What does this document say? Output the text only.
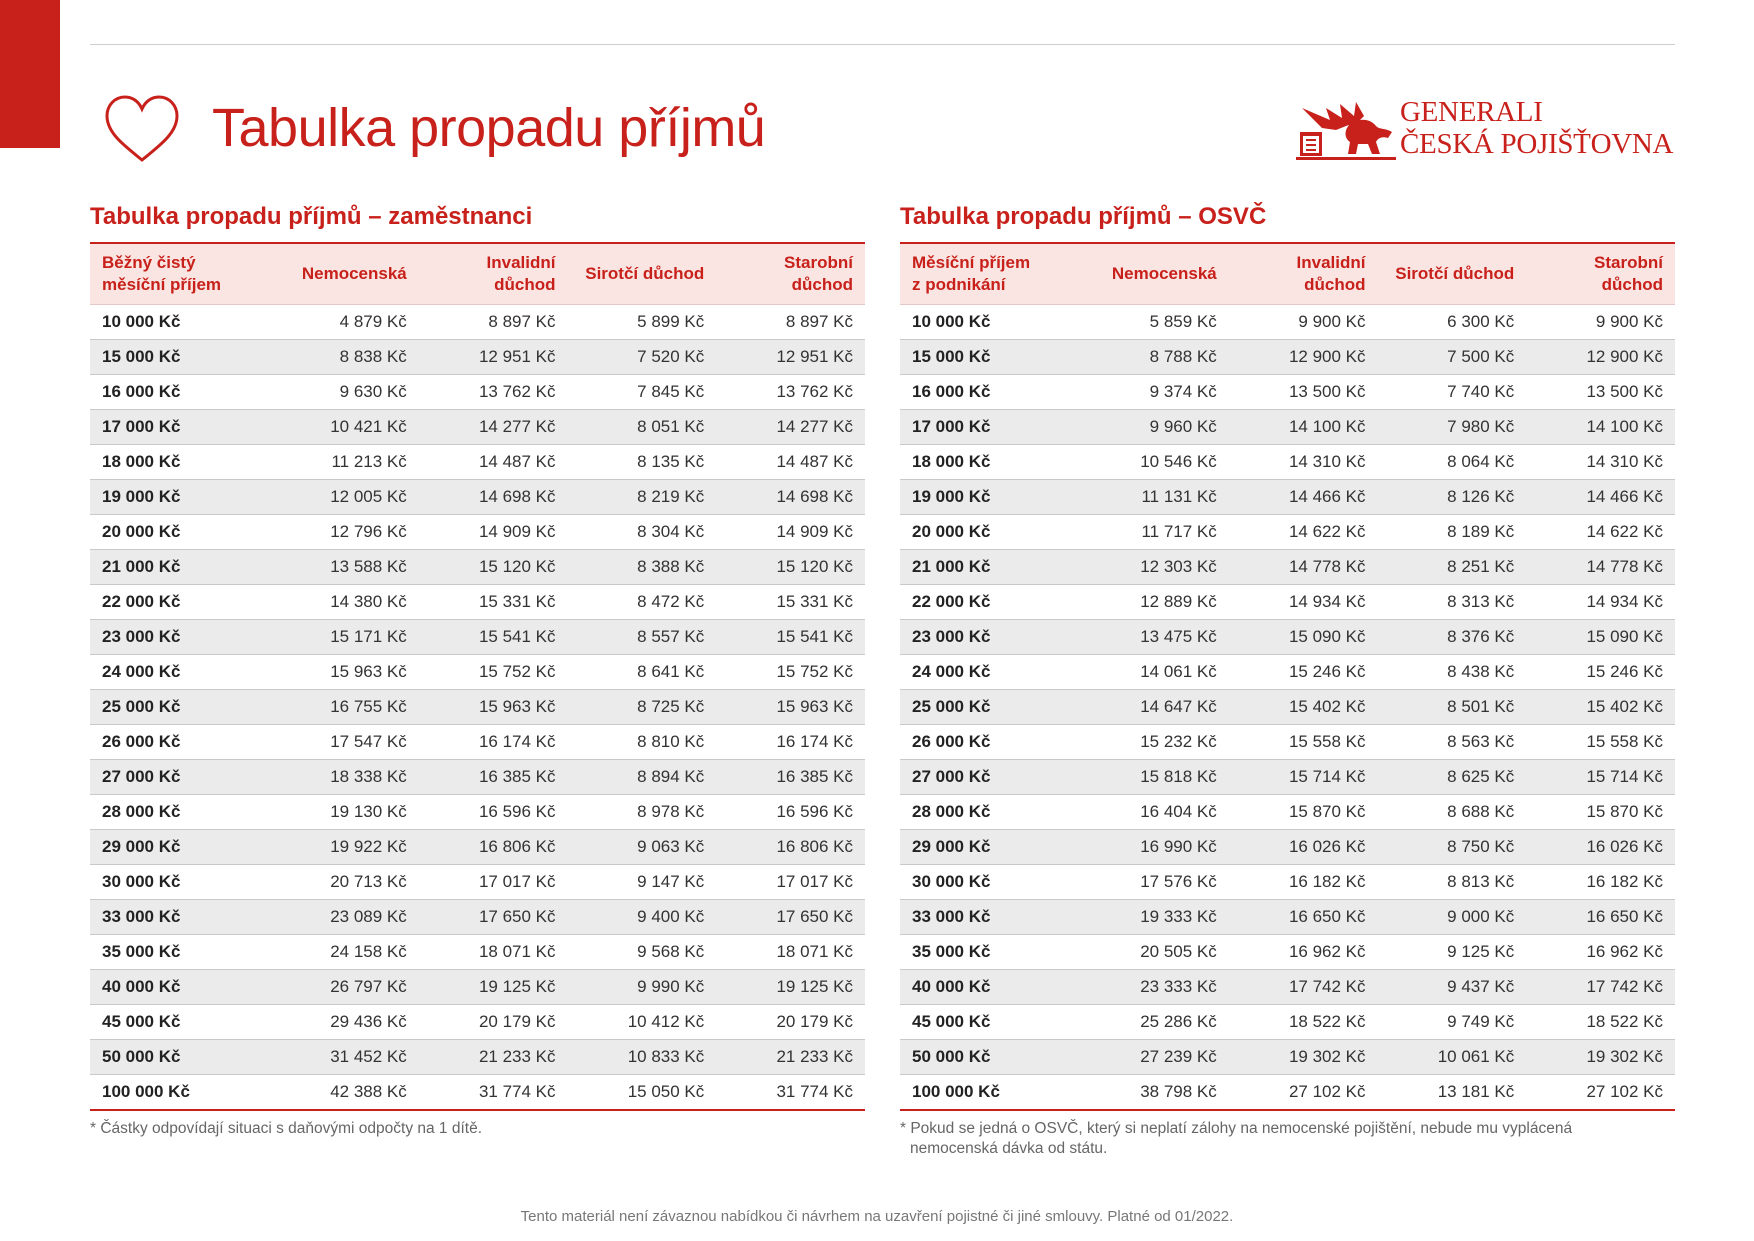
Tabulka propadu příjmů	GENERALI
ČESKÁ POJIŠŤOVNA
Tabulka propadu příjmů – zaměstnanci
Běžný čistý
měsíční příjem	Nemocenská	Invalidní důchod	Sirotčí důchod	Starobní důchod
10 000 Kč	4 879 Kč	8 897 Kč	5 899 Kč	8 897 Kč
15 000 Kč	8 838 Kč	12 951 Kč	7 520 Kč	12 951 Kč
16 000 Kč	9 630 Kč	13 762 Kč	7 845 Kč	13 762 Kč
17 000 Kč	10 421 Kč	14 277 Kč	8 051 Kč	14 277 Kč
18 000 Kč	11 213 Kč	14 487 Kč	8 135 Kč	14 487 Kč
19 000 Kč	12 005 Kč	14 698 Kč	8 219 Kč	14 698 Kč
20 000 Kč	12 796 Kč	14 909 Kč	8 304 Kč	14 909 Kč
21 000 Kč	13 588 Kč	15 120 Kč	8 388 Kč	15 120 Kč
22 000 Kč	14 380 Kč	15 331 Kč	8 472 Kč	15 331 Kč
23 000 Kč	15 171 Kč	15 541 Kč	8 557 Kč	15 541 Kč
24 000 Kč	15 963 Kč	15 752 Kč	8 641 Kč	15 752 Kč
25 000 Kč	16 755 Kč	15 963 Kč	8 725 Kč	15 963 Kč
26 000 Kč	17 547 Kč	16 174 Kč	8 810 Kč	16 174 Kč
27 000 Kč	18 338 Kč	16 385 Kč	8 894 Kč	16 385 Kč
28 000 Kč	19 130 Kč	16 596 Kč	8 978 Kč	16 596 Kč
29 000 Kč	19 922 Kč	16 806 Kč	9 063 Kč	16 806 Kč
30 000 Kč	20 713 Kč	17 017 Kč	9 147 Kč	17 017 Kč
33 000 Kč	23 089 Kč	17 650 Kč	9 400 Kč	17 650 Kč
35 000 Kč	24 158 Kč	18 071 Kč	9 568 Kč	18 071 Kč
40 000 Kč	26 797 Kč	19 125 Kč	9 990 Kč	19 125 Kč
45 000 Kč	29 436 Kč	20 179 Kč	10 412 Kč	20 179 Kč
50 000 Kč	31 452 Kč	21 233 Kč	10 833 Kč	21 233 Kč
100 000 Kč	42 388 Kč	31 774 Kč	15 050 Kč	31 774 Kč
* Částky odpovídají situaci s daňovými odpočty na 1 dítě.
Tabulka propadu příjmů – OSVČ
Měsíční příjem
z podnikání	Nemocenská	Invalidní důchod	Sirotčí důchod	Starobní důchod
10 000 Kč	5 859 Kč	9 900 Kč	6 300 Kč	9 900 Kč
15 000 Kč	8 788 Kč	12 900 Kč	7 500 Kč	12 900 Kč
16 000 Kč	9 374 Kč	13 500 Kč	7 740 Kč	13 500 Kč
17 000 Kč	9 960 Kč	14 100 Kč	7 980 Kč	14 100 Kč
18 000 Kč	10 546 Kč	14 310 Kč	8 064 Kč	14 310 Kč
19 000 Kč	11 131 Kč	14 466 Kč	8 126 Kč	14 466 Kč
20 000 Kč	11 717 Kč	14 622 Kč	8 189 Kč	14 622 Kč
21 000 Kč	12 303 Kč	14 778 Kč	8 251 Kč	14 778 Kč
22 000 Kč	12 889 Kč	14 934 Kč	8 313 Kč	14 934 Kč
23 000 Kč	13 475 Kč	15 090 Kč	8 376 Kč	15 090 Kč
24 000 Kč	14 061 Kč	15 246 Kč	8 438 Kč	15 246 Kč
25 000 Kč	14 647 Kč	15 402 Kč	8 501 Kč	15 402 Kč
26 000 Kč	15 232 Kč	15 558 Kč	8 563 Kč	15 558 Kč
27 000 Kč	15 818 Kč	15 714 Kč	8 625 Kč	15 714 Kč
28 000 Kč	16 404 Kč	15 870 Kč	8 688 Kč	15 870 Kč
29 000 Kč	16 990 Kč	16 026 Kč	8 750 Kč	16 026 Kč
30 000 Kč	17 576 Kč	16 182 Kč	8 813 Kč	16 182 Kč
33 000 Kč	19 333 Kč	16 650 Kč	9 000 Kč	16 650 Kč
35 000 Kč	20 505 Kč	16 962 Kč	9 125 Kč	16 962 Kč
40 000 Kč	23 333 Kč	17 742 Kč	9 437 Kč	17 742 Kč
45 000 Kč	25 286 Kč	18 522 Kč	9 749 Kč	18 522 Kč
50 000 Kč	27 239 Kč	19 302 Kč	10 061 Kč	19 302 Kč
100 000 Kč	38 798 Kč	27 102 Kč	13 181 Kč	27 102 Kč
* Pokud se jedná o OSVČ, který si neplatí zálohy na nemocenské pojištění, nebude mu vyplácená
nemocenská dávka od státu.
Tento materiál není závaznou nabídkou či návrhem na uzavření pojistné či jiné smlouvy. Platné od 01/2022.
